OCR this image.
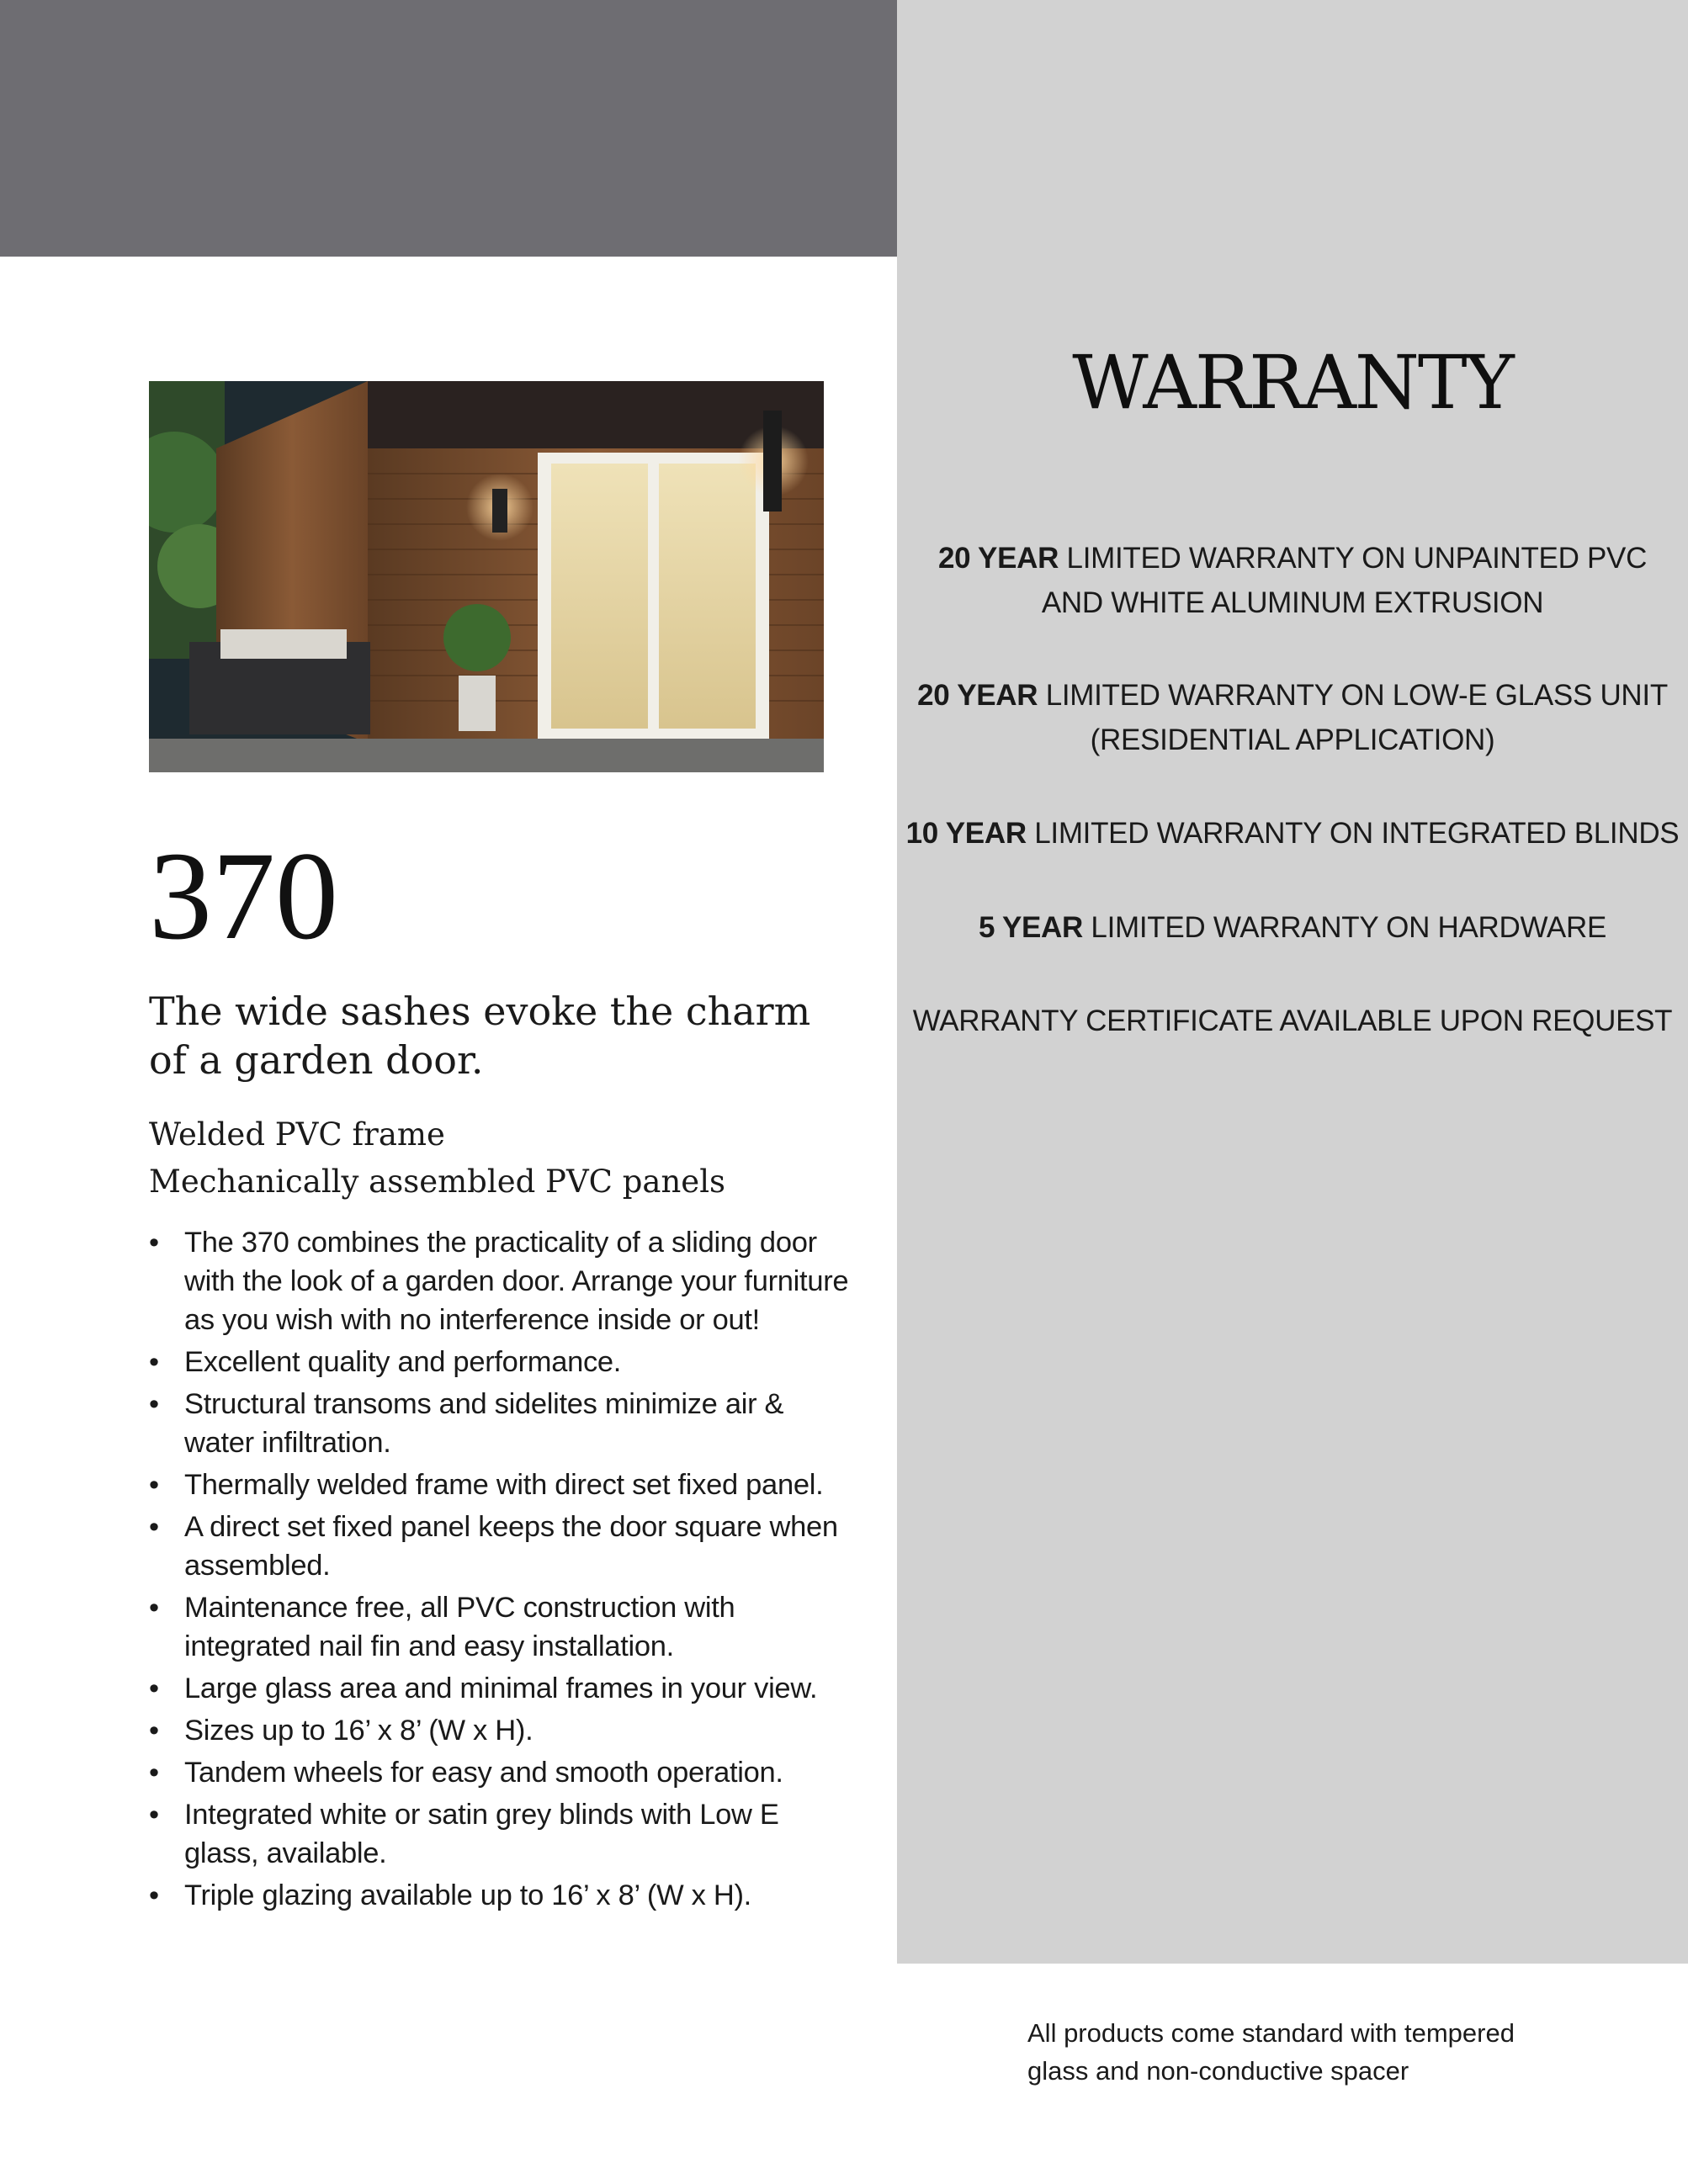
370
The wide sashes evoke the charm of a garden door.
Welded PVC frame
Mechanically assembled PVC panels
• The 370 combines the practicality of a sliding door with the look of a garden door. Arrange your furniture as you wish with no interference inside or out!
• Excellent quality and performance.
• Structural transoms and sidelites minimize air & water infiltration.
• Thermally welded frame with direct set fixed panel.
• A direct set fixed panel keeps the door square when assembled.
• Maintenance free, all PVC construction with integrated nail fin and easy installation.
• Large glass area and minimal frames in your view.
• Sizes up to 16’ x 8’ (W x H).
• Tandem wheels for easy and smooth operation.
• Integrated white or satin grey blinds with Low E glass, available.
• Triple glazing available up to 16’ x 8’ (W x H).
WARRANTY
20 YEAR LIMITED WARRANTY ON UNPAINTED PVC
AND WHITE ALUMINUM EXTRUSION
20 YEAR LIMITED WARRANTY ON LOW-E GLASS UNIT
(RESIDENTIAL APPLICATION)
10 YEAR LIMITED WARRANTY ON INTEGRATED BLINDS
5 YEAR LIMITED WARRANTY ON HARDWARE
WARRANTY CERTIFICATE AVAILABLE UPON REQUEST
All products come standard with tempered
glass and non-conductive spacer
